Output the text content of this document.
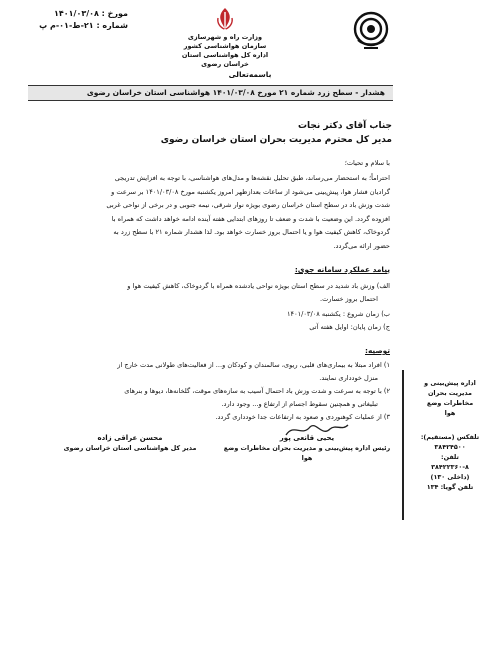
مورخ : ۱۴۰۱/۰۳/۰۸
شماره : ۲۱-ط-۰۱-م پ
وزارت راه و شهرسازی
سازمان هواشناسی کشور
اداره کل هواشناسی استان خراسان رضوی
باسمه‌تعالی
هشدار - سطح زرد شماره ۲۱ مورخ ۱۴۰۱/۰۳/۰۸ هواشناسی استان خراسان رضوی
جناب آقای دکتر نجات
مدیر کل محترم مدیریت بحران استان خراسان رضوی
با سلام و تحیات؛
احتراماً؛ به استحضار می‌رساند، طبق تحلیل نقشه‌ها و مدل‌های هواشناسی، با توجه به افزایش تدریجی
گرادیان فشار هوا، پیش‌بینی می‌شود از ساعات بعدازظهر امروز یکشنبه مورخ ۱۴۰۱/۰۳/۰۸ بر سرعت و
شدت وزش باد در سطح استان خراسان رضوی بویژه نوار شرقی، نیمه جنوبی و در برخی از نواحی غربی
افزوده گردد. این وضعیت با شدت و ضعف تا روزهای ابتدایی هفته آینده ادامه خواهد داشت که همراه با
گردوخاک، کاهش کیفیت هوا و یا احتمال بروز خسارت خواهد بود. لذا هشدار شماره ۲۱ با سطح زرد به
حضور ارائه می‌گردد.
پیامد عملکرد سامانه جوی:
الف) وزش باد شدید در سطح استان بویژه نواحی یادشده همراه با گردوخاک، کاهش کیفیت هوا و
احتمال بروز خسارت.
ب) زمان شروع : یکشنبه ۱۴۰۱/۰۳/۰۸
ج) زمان پایان: اوایل هفته آتی
توصیه:
۱) افراد مبتلا به بیماری‌های قلبی، ریوی، سالمندان و کودکان و... از فعالیت‌های طولانی مدت خارج از
منزل خودداری نمایند.
۲) با توجه به سرعت و شدت وزش باد احتمال آسیب به سازه‌های موقت، گلخانه‌ها، دیوها و بنرهای
تبلیغاتی و همچنین سقوط اجسام از ارتفاع و... وجود دارد.
۳) از عملیات کوهنوردی و صعود به ارتفاعات جدا خودداری گردد.
محسن عراقی زاده
مدیر کل هواشناسی استان خراسان رضوی
یحیی قانعی پور
رئیس اداره پیش‌بینی و مدیریت بحران مخاطرات وضع هوا
اداره پیش‌بینی و
مدیریت بحران
مخاطرات وضع
هوا
تلفکس (مستقیم):
۳۸۴۲۴۵۰۰
تلفن:
۳۸۴۲۲۳۶۰-۸
(داخلی ۱۳۰)
تلفن گویا: ۱۳۴
